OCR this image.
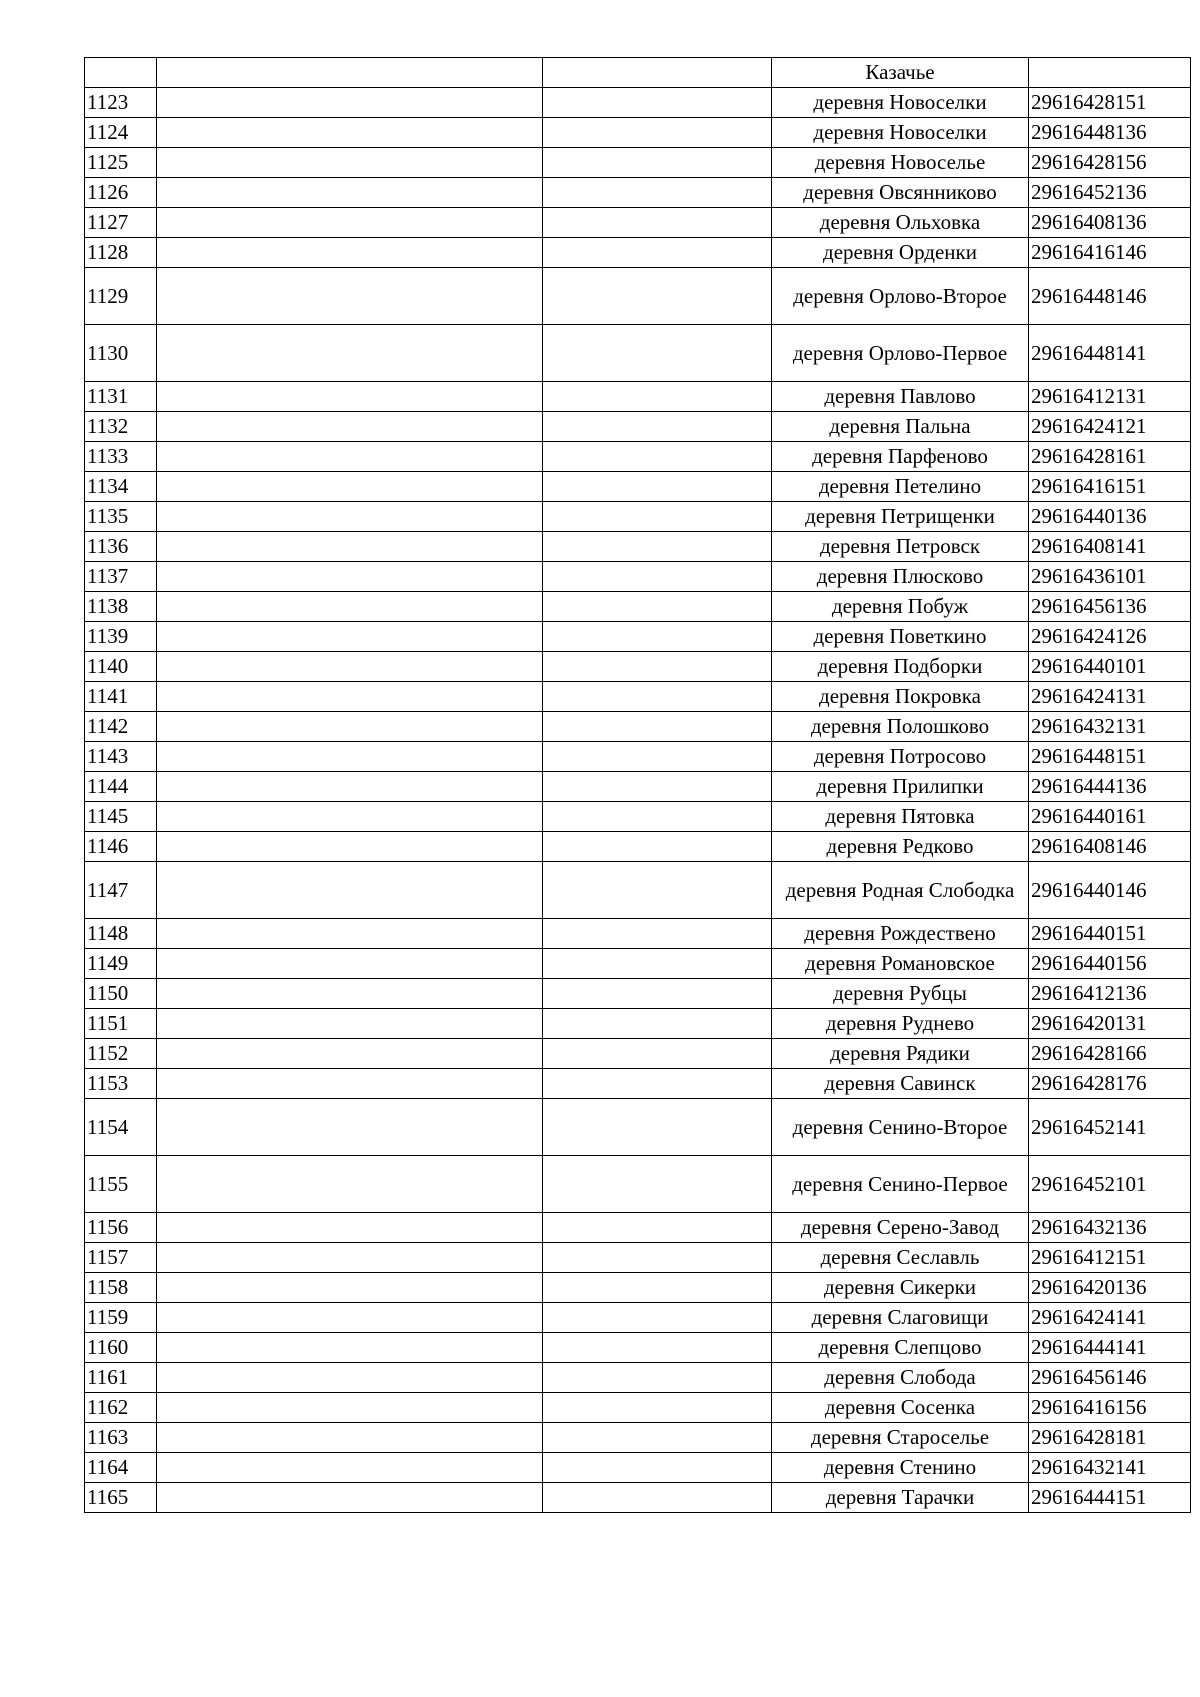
			Казачье	
1123			деревня Новоселки	29616428151
1124			деревня Новоселки	29616448136
1125			деревня Новоселье	29616428156
1126			деревня Овсянниково	29616452136
1127			деревня Ольховка	29616408136
1128			деревня Орденки	29616416146
1129			деревня Орлово-Второе	29616448146
1130			деревня Орлово-Первое	29616448141
1131			деревня Павлово	29616412131
1132			деревня Пальна	29616424121
1133			деревня Парфеново	29616428161
1134			деревня Петелино	29616416151
1135			деревня Петрищенки	29616440136
1136			деревня Петровск	29616408141
1137			деревня Плюсково	29616436101
1138			деревня Побуж	29616456136
1139			деревня Поветкино	29616424126
1140			деревня Подборки	29616440101
1141			деревня Покровка	29616424131
1142			деревня Полошково	29616432131
1143			деревня Потросово	29616448151
1144			деревня Прилипки	29616444136
1145			деревня Пятовка	29616440161
1146			деревня Редково	29616408146
1147			деревня Родная Слободка	29616440146
1148			деревня Рождествено	29616440151
1149			деревня Романовское	29616440156
1150			деревня Рубцы	29616412136
1151			деревня Руднево	29616420131
1152			деревня Рядики	29616428166
1153			деревня Савинск	29616428176
1154			деревня Сенино-Второе	29616452141
1155			деревня Сенино-Первое	29616452101
1156			деревня Серено-Завод	29616432136
1157			деревня Сеславль	29616412151
1158			деревня Сикерки	29616420136
1159			деревня Слаговищи	29616424141
1160			деревня Слепцово	29616444141
1161			деревня Слобода	29616456146
1162			деревня Сосенка	29616416156
1163			деревня Староселье	29616428181
1164			деревня Стенино	29616432141
1165			деревня Тарачки	29616444151
